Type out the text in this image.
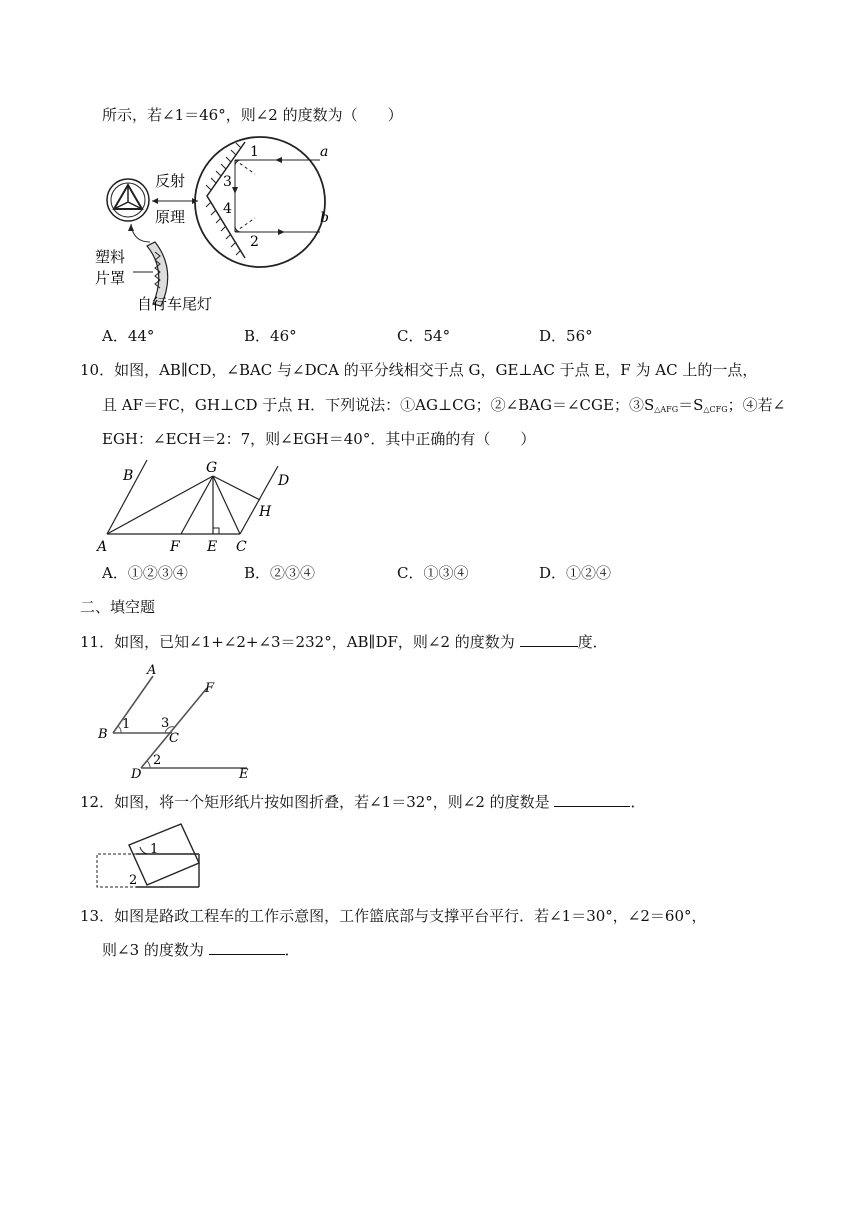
所示，若∠1＝46°，则∠2 的度数为（　　）
反射
原理
塑料
片罩
自行车尾灯
1
3
4
2
a
b
A．44°	B．46°	C．54°	D．56°
10．如图，AB∥CD，∠BAC 与∠DCA 的平分线相交于点 G，GE⊥AC 于点 E，F 为 AC 上的一点，
且 AF＝FC，GH⊥CD 于点 H．下列说法：①AG⊥CG；②∠BAG＝∠CGE；$③S_{\triangle AFG}=S_{\triangle CFG}$；④若∠
EGH：∠ECH＝2：7，则∠EGH＝40°．其中正确的有（　　）
B	G
D
H
A	F E C
A．①②③④	B．②③④	C．①③④	D．①②④
二、填空题
11．如图，已知∠1+∠2+∠3＝232°，AB∥DF，则∠2 的度数为	度．
A
F
B	C
D	E
1 3
2
12．如图，将一个矩形纸片按如图折叠，若∠1＝32°，则∠2 的度数是	．
1
2
13．如图是路政工程车的工作示意图，工作篮底部与支撑平台平行．若∠1＝30°，∠2＝60°，
则∠3 的度数为	．
